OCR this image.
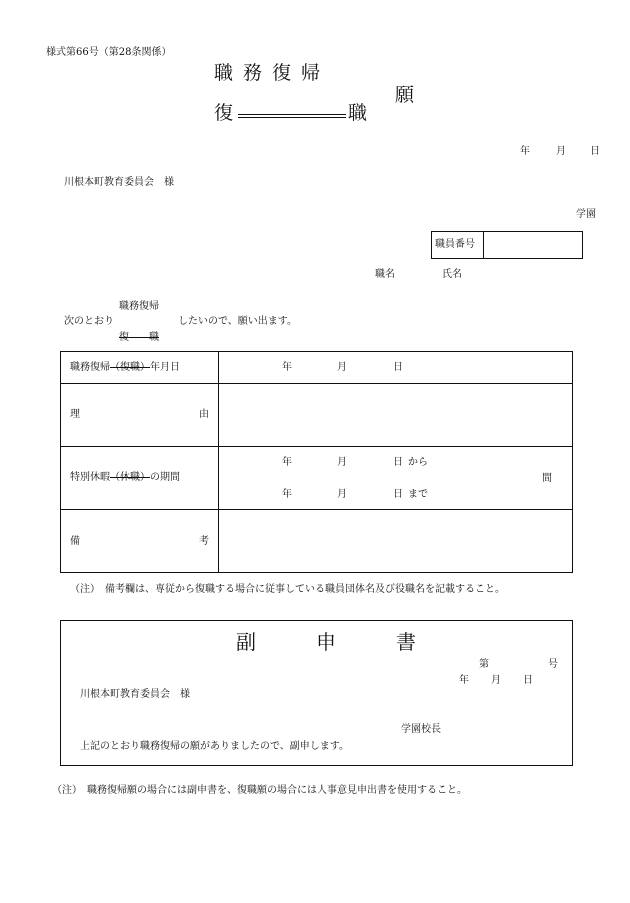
様式第66号（第28条関係）
職務復帰
復	職
願
年	月 日
川根本町教育委員会　様
学園
職員番号
職名	氏名
職務復帰
次のとおり	したいので、願い出ます。
復　　職
職務復帰（復職）年月日	年	月	日
理	由
特別休暇（休職）の期間
年	月	日 から
間
年	月	日 まで
備	考
（注）　備考欄は、専従から復職する場合に従事している職員団体名及び役職名を記載すること。
副　申　書
第	号
年 月 日
川根本町教育委員会　様
学園校長
上記のとおり職務復帰の願がありましたので、副申します。
（注）　職務復帰願の場合には副申書を、復職願の場合には人事意見申出書を使用すること。
